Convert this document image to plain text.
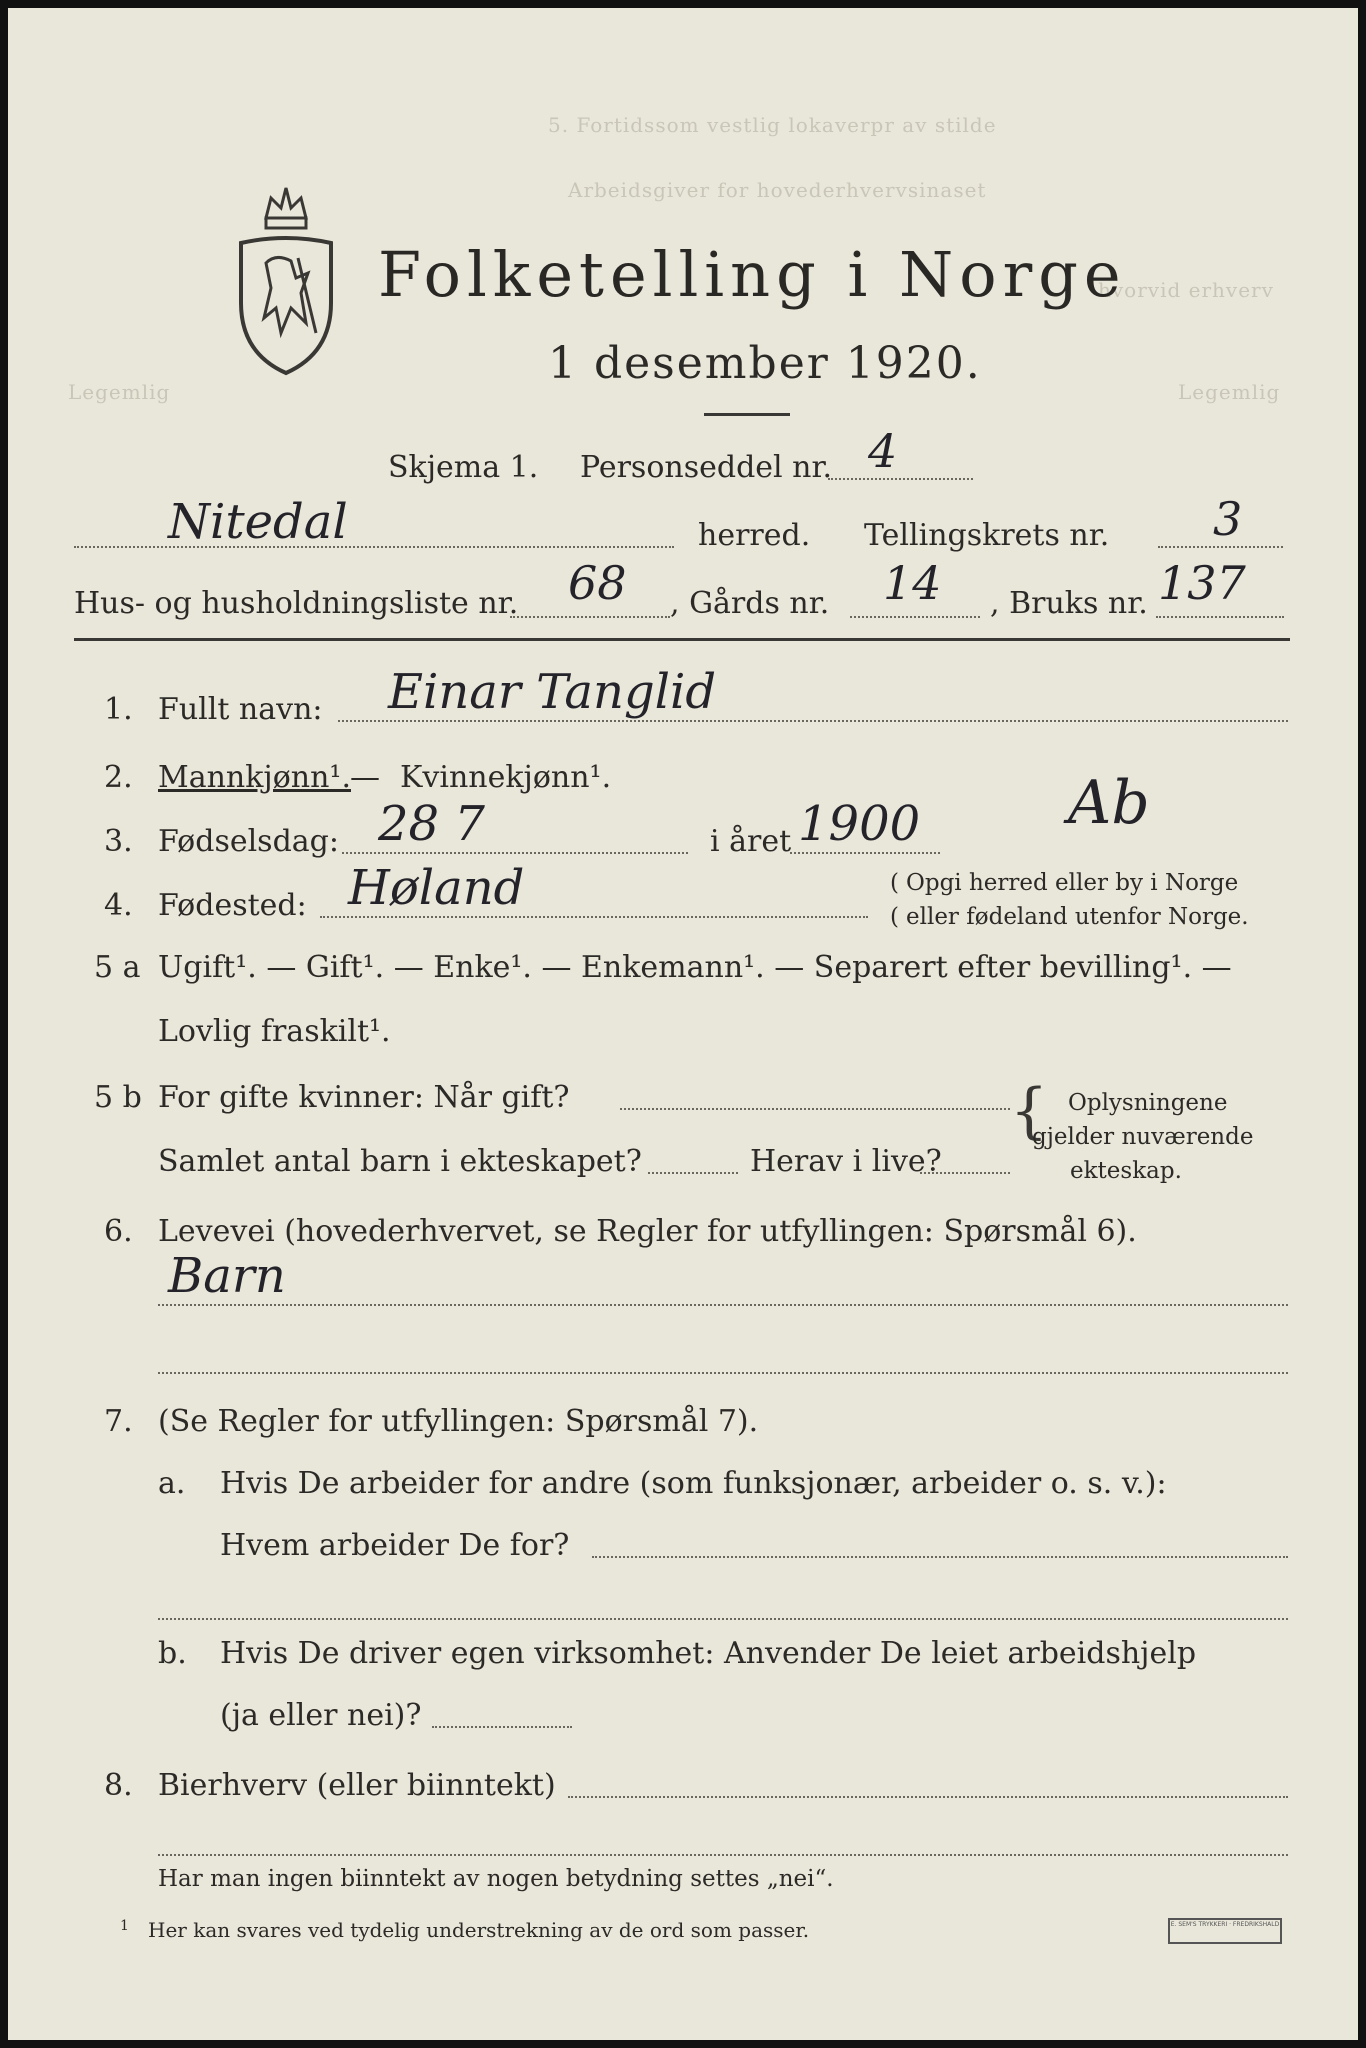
5. Fortidssom vestlig lokaverpr av stilde
Arbeidsgiver for hovederhvervsinaset
hvorvid erhverv
Legemlig	Legemlig
Folketelling i Norge
1 desember 1920.
Skjema 1. Personseddel nr. 4
Nitedal	herred. Tellingskrets nr. 3
Hus- og husholdningsliste nr. 68 , Gårds nr. 14 , Bruks nr. 137
1. Fullt navn: Einar Tanglid
2. Mannkjønn¹. — Kvinnekjønn¹.
3. Fødselsdag: 28 7	i året 1900 Ab
4. Fødested: Høland	(
(
Opgi herred eller by i Norge
eller fødeland utenfor Norge.
5 a Ugift¹. — Gift¹. — Enke¹. — Enkemann¹. — Separert efter bevilling¹. —
Lovlig fraskilt¹.
5 b For gifte kvinner: Når gift?
Samlet antal barn i ekteskapet?	Herav i live?
{ Oplysningene
gjelder nuværende
ekteskap.
6. Levevei (hovederhvervet, se Regler for utfyllingen: Spørsmål 6).
Barn
7. (Se Regler for utfyllingen: Spørsmål 7).
a. Hvis De arbeider for andre (som funksjonær, arbeider o. s. v.):
Hvem arbeider De for?
b. Hvis De driver egen virksomhet: Anvender De leiet arbeidshjelp
(ja eller nei)?
8. Bierhverv (eller biinntekt)
Har man ingen biinntekt av nogen betydning settes „nei“.
1 Her kan svares ved tydelig understrekning av de ord som passer.	E. SEM'S TRYKKERI · FREDRIKSHALD
